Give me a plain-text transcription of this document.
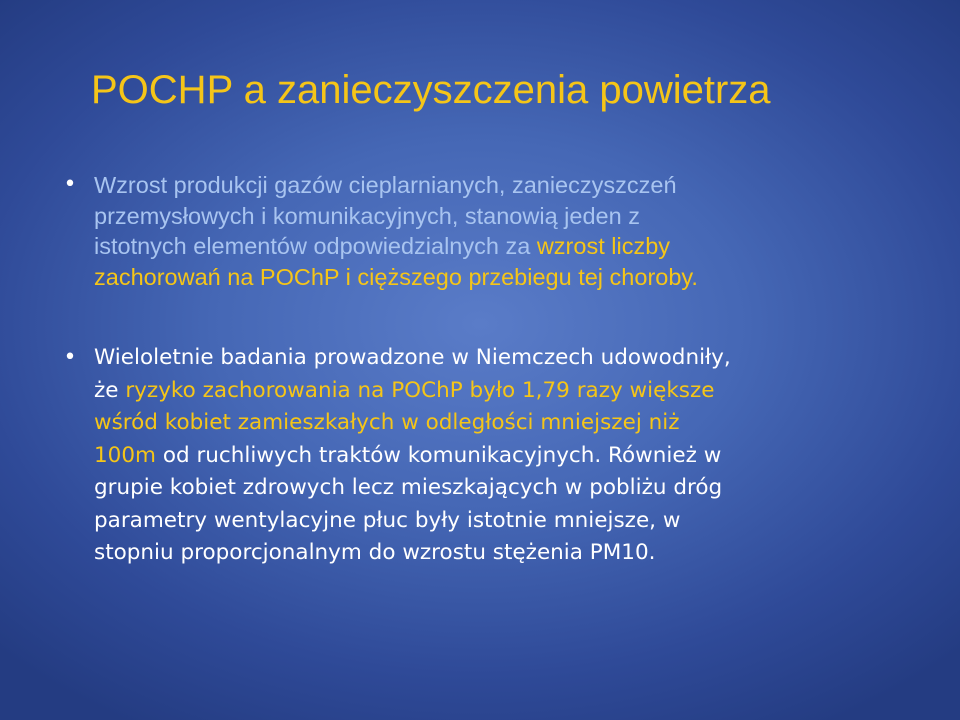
POCHP a zanieczyszczenia powietrza
• Wzrost produkcji gazów cieplarnianych, zanieczyszczeń
przemysłowych i komunikacyjnych, stanowią jeden z
istotnych elementów odpowiedzialnych za wzrost liczby
zachorowań na POChP i cięższego przebiegu tej choroby.

• Wieloletnie badania prowadzone w Niemczech udowodniły,
że ryzyko zachorowania na POChP było 1,79 razy większe
wśród kobiet zamieszkałych w odległości mniejszej niż
100m od ruchliwych traktów komunikacyjnych. Również w
grupie kobiet zdrowych lecz mieszkających w pobliżu dróg
parametry wentylacyjne płuc były istotnie mniejsze, w
stopniu proporcjonalnym do wzrostu stężenia PM10.
